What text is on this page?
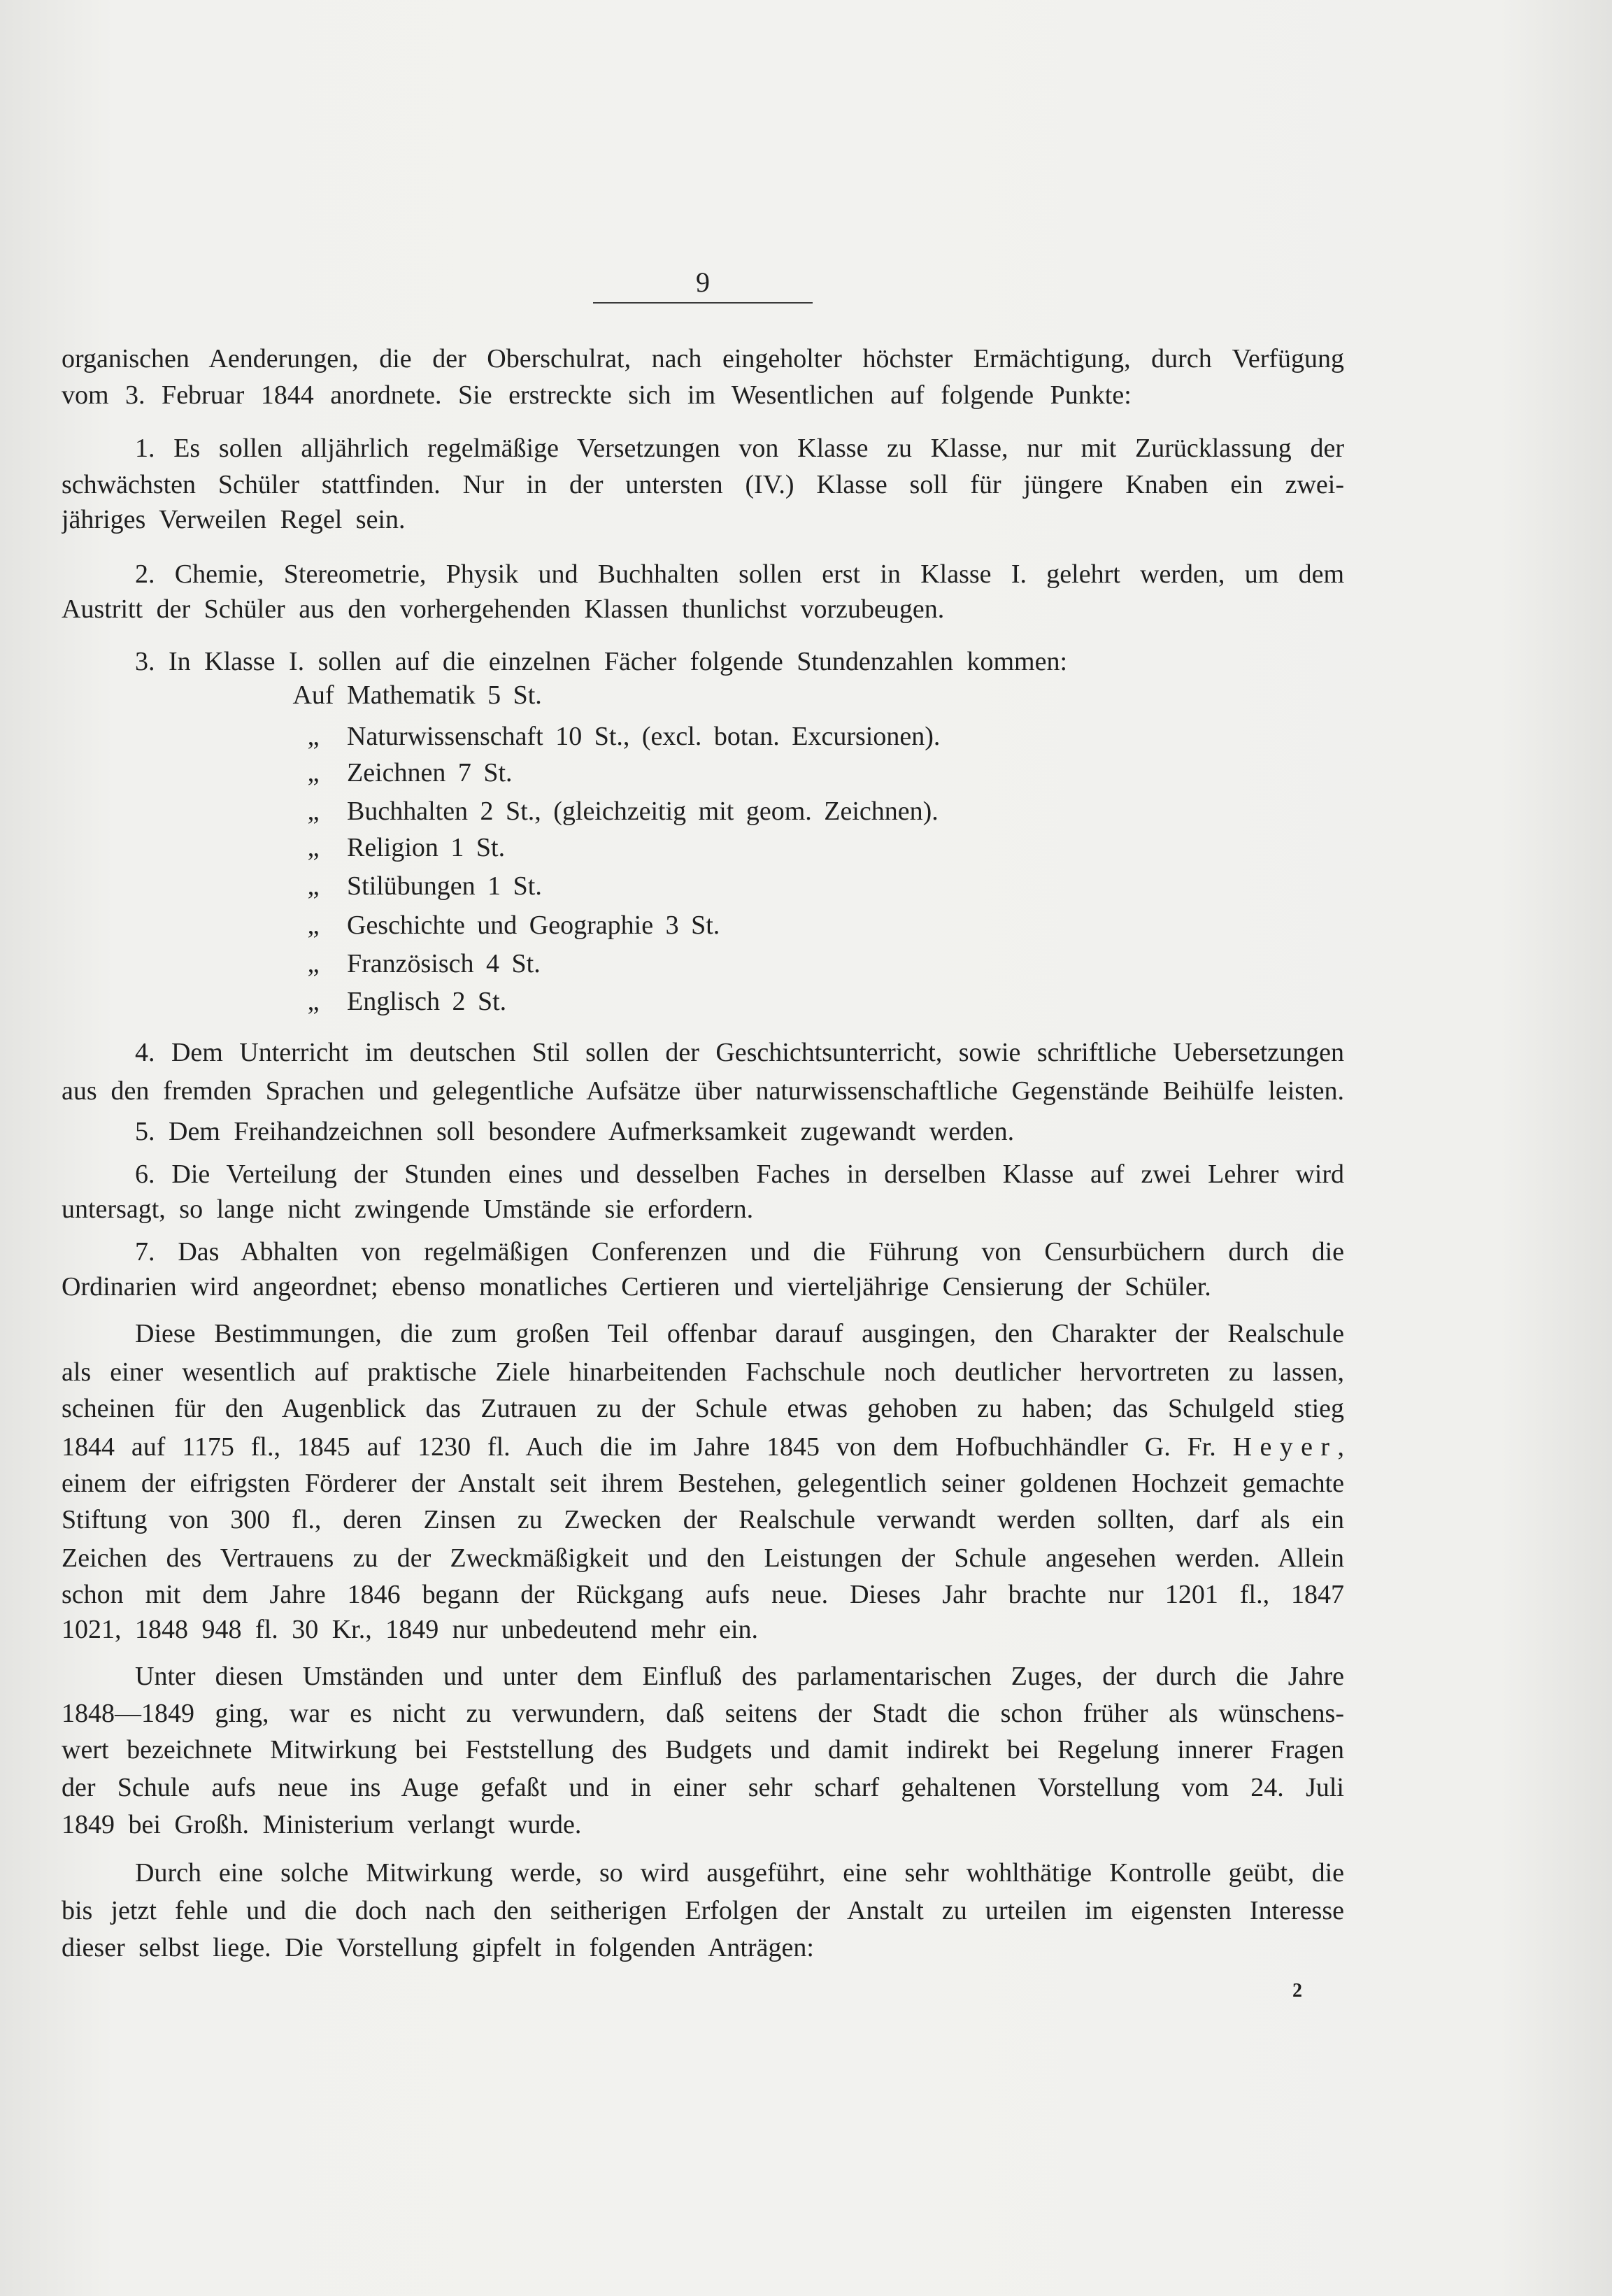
9
organischen Aenderungen, die der Oberschulrat, nach eingeholter höchster Ermächtigung, durch Verfügung
vom 3. Februar 1844 anordnete. Sie erstreckte sich im Wesentlichen auf folgende Punkte:
1. Es sollen alljährlich regelmäßige Versetzungen von Klasse zu Klasse, nur mit Zurücklassung der
schwächsten Schüler stattfinden. Nur in der untersten (IV.) Klasse soll für jüngere Knaben ein zwei-
jähriges Verweilen Regel sein.
2. Chemie, Stereometrie, Physik und Buchhalten sollen erst in Klasse I. gelehrt werden, um dem
Austritt der Schüler aus den vorhergehenden Klassen thunlichst vorzubeugen.
3. In Klasse I. sollen auf die einzelnen Fächer folgende Stundenzahlen kommen:
Auf Mathematik 5 St.
„	Naturwissenschaft 10 St., (excl. botan. Excursionen).
„	Zeichnen 7 St.
„	Buchhalten 2 St., (gleichzeitig mit geom. Zeichnen).
„	Religion 1 St.
„	Stilübungen 1 St.
„	Geschichte und Geographie 3 St.
„	Französisch 4 St.
„	Englisch 2 St.
4. Dem Unterricht im deutschen Stil sollen der Geschichtsunterricht, sowie schriftliche Uebersetzungen
aus den fremden Sprachen und gelegentliche Aufsätze über naturwissenschaftliche Gegenstände Beihülfe leisten.
5. Dem Freihandzeichnen soll besondere Aufmerksamkeit zugewandt werden.
6. Die Verteilung der Stunden eines und desselben Faches in derselben Klasse auf zwei Lehrer wird
untersagt, so lange nicht zwingende Umstände sie erfordern.
7. Das Abhalten von regelmäßigen Conferenzen und die Führung von Censurbüchern durch die
Ordinarien wird angeordnet; ebenso monatliches Certieren und vierteljährige Censierung der Schüler.
Diese Bestimmungen, die zum großen Teil offenbar darauf ausgingen, den Charakter der Realschule
als einer wesentlich auf praktische Ziele hinarbeitenden Fachschule noch deutlicher hervortreten zu lassen,
scheinen für den Augenblick das Zutrauen zu der Schule etwas gehoben zu haben; das Schulgeld stieg
1844 auf 1175 fl., 1845 auf 1230 fl. Auch die im Jahre 1845 von dem Hofbuchhändler G. Fr. Heyer,
einem der eifrigsten Förderer der Anstalt seit ihrem Bestehen, gelegentlich seiner goldenen Hochzeit gemachte
Stiftung von 300 fl., deren Zinsen zu Zwecken der Realschule verwandt werden sollten, darf als ein
Zeichen des Vertrauens zu der Zweckmäßigkeit und den Leistungen der Schule angesehen werden. Allein
schon mit dem Jahre 1846 begann der Rückgang aufs neue. Dieses Jahr brachte nur 1201 fl., 1847
1021, 1848 948 fl. 30 Kr., 1849 nur unbedeutend mehr ein.
Unter diesen Umständen und unter dem Einfluß des parlamentarischen Zuges, der durch die Jahre
1848—1849 ging, war es nicht zu verwundern, daß seitens der Stadt die schon früher als wünschens-
wert bezeichnete Mitwirkung bei Feststellung des Budgets und damit indirekt bei Regelung innerer Fragen
der Schule aufs neue ins Auge gefaßt und in einer sehr scharf gehaltenen Vorstellung vom 24. Juli
1849 bei Großh. Ministerium verlangt wurde.
Durch eine solche Mitwirkung werde, so wird ausgeführt, eine sehr wohlthätige Kontrolle geübt, die
bis jetzt fehle und die doch nach den seitherigen Erfolgen der Anstalt zu urteilen im eigensten Interesse
dieser selbst liege. Die Vorstellung gipfelt in folgenden Anträgen:
2
